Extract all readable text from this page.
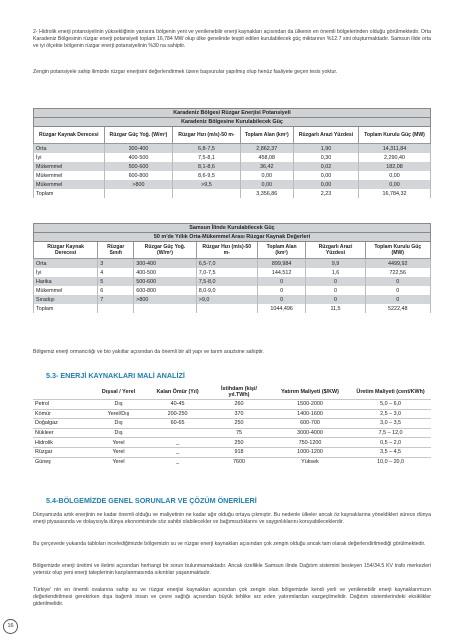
2- Hidrolik enerji potansiyelinin yüksekliğinin yanısıra bölgenin yeni ve yenilenebilir enerji kaynakları açısından da ülkenin en önemli bölgelerinden olduğu görülmektedir. Orta Karadeniz Bölgesinin rüzgar enerji potansiyeli toplam 16,784 MW olup ülke genelinde tespit edilen kurulabilecek güç miktarının %12.7 sini oluşturmaktadır. Samsun ilide orta ve iyi ölçekte bölgenin rüzgar enerji potansiyelinin %30 na sahiptir.
Zengin potansiyele sahip ilimizde rüzgar enerjisini değerlendirmek üzere başvurular yapılmış olup henüz faaliyete geçen tesis yoktur.
Karadeniz Bölgesi Rüzgar Enerjisi Potansiyeli					
Karadeniz Bölgesine Kurulabilecek Güç					
Rüzgar Kaynak Derecesi	Rüzgar Güç Yoğ. (W/m²)	Rüzgar Hızı (m/s)-50 m-	Toplam Alan (km²)	Rüzgarlı Arazi Yüzdesi	Toplam Kurulu Güç (MW)
Orta	300-400	6,8-7,5	2,862,37	1,90	14,311,84
İyi	400-500	7,5-8,1	458,08	0,30	2,290,40
Mükemmel	500-600	8,1-8,6	36,42	0,02	182,08
Mükemmel	600-800	8,6-9,5	0,00	0,00	0,00
Mükemmel	>800	>9,5	0,00	0,00	0,00
Toplam			3,356,86	2,23	16,784,32
Samsun İlinde Kurulabilecek Güç						
50 m'de Yıllık Orta-Mükemmel Arası Rüzgar Kaynak Değerleri						
Rüzgar Kaynak Derecesi	Rüzgar Sınıfı	Rüzgar Güç Yoğ. (W/m²)	Rüzgar Hızı (m/s)-50 m-	Toplam Alan (km²)	Rüzgarlı Arazi Yüzdesi	Toplam Kurulu Güç (MW)
Orta	3	300-400	6,5-7,0	899,984	9,9	4499,92
İyi	4	400-500	7,0-7,5	144,512	1,6	722,56
Harika	5	500-600	7,5-8,0	0	0	0
Mükemmel	6	600-800	8,0-9,0	0	0	0
Sıradışı	7	>800	>9,0	0	0	0
Toplam				1044,496	11,5	5222,48
Bölgemiz enerji ormancılığı ve bio yakıtlar açısından da önemli bir alt yapı ve tarım arazisine sahiptir.
5.3- ENERJİ KAYNAKLARI MALİ ANALİZİ
	Dışsal / Yerel	Kalan Ömür (Yıl)	İstihdam (kişi/ yıl.TWh)	Yatırım Maliyeti ($/KW)	Üretim Maliyeti (cent/KWh)
Petrol	Dış	40-45	260	1500-2000	5,0 – 6,0
Kömür	Yerel/Dış	200-250	370	1400-1600	2,5 – 3,0
Doğalgaz	Dış	60-65	250	600-700	3,0 – 3,5
Nükleer	Dış		75	3000-4000	7,5 – 12,0
Hidrolik	Yerel	_	250	750-1200	0,5 – 2,0
Rüzgar	Yerel	_	918	1000-1200	3,5 – 4,5
Güneş	Yerel	_	7600	Yüksek	10,0 – 20,0
5.4-BÖLGEMİZDE GENEL SORUNLAR VE ÇÖZÜM ÖNERİLERİ
Dünyamızda artık enerjinin ne kadar önemli olduğu ve maliyetinin ne kadar ağır olduğu ortaya çıkmıştır. Bu nedenle ülkeler ancak öz kaynaklarına yöneldikleri sürece dünya enerji piyasasında ve dolayısıyla dünya ekonomisinde söz sahibi olabilecekler ve bağımsızlıklarını ve saygınlıklarını koruyabileceklerdir.
Bu çerçevede yukarıda tabloları incelediğimizde bölgemizin su ve rüzgar enerji kaynakları açısından çok zengin olduğu ancak tam olarak değerlendirilmediği görülmektedir.
Bölgemizde enerji üretimi ve iletimi açısından herhangi bir sorun bulunmamaktadır. Ancak özellikle Samsun ilinde Dağıtım sistemini besleyen 154/34.5 KV trafo merkezleri yetersiz olup yeni enerji taleplerinin karşılanmasında sıkıntılar yaşanmaktadır.
Türkiye' nin en önemli ovalarına sahip su ve rüzgar enerjisi kaynakları açısından çok zengin olan bölgemizde kendi yerli ve yenilenebilir enerji kaynaklarımızın değerlendirilmesi gerekirken dışa bağımlı insan ve çevre sağlığı açısından büyük tehlike arz eden yatırımlardan vazgeçilmelidir. Dağıtım sistemlerindeki eksiklikler giderilmelidir.
16
